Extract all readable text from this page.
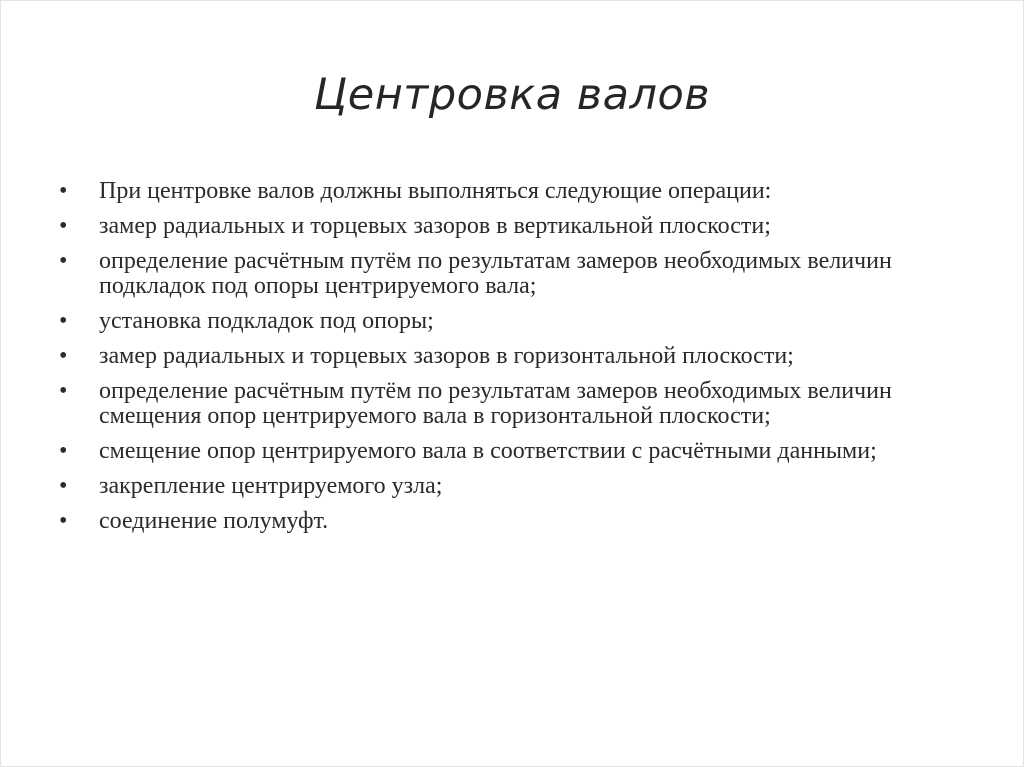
Центровка валов
•	При центровке валов должны выполняться следующие операции:
•	замер радиальных и торцевых зазоров в вертикальной плоскости;
•	определение расчётным путём по результатам замеров необходимых величин подкладок под опоры центрируемого вала;
•	установка подкладок под опоры;
•	замер радиальных и торцевых зазоров в горизонтальной плоскости;
•	определение расчётным путём по результатам замеров необходимых величин смещения опор центрируемого вала в горизонтальной плоскости;
•	смещение опор центрируемого вала в соответствии с расчётными данными;
•	закрепление центрируемого узла;
•	соединение полумуфт.
